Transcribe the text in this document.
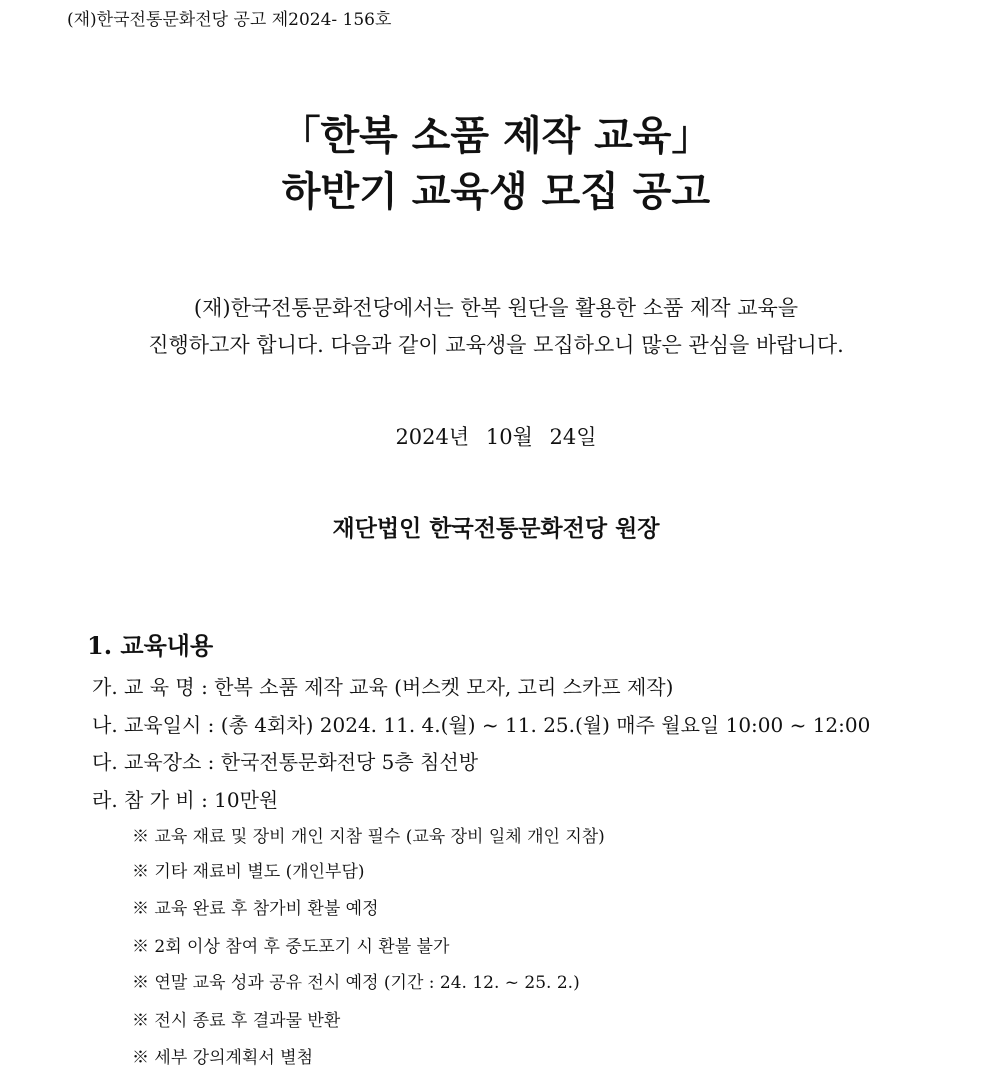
(재)한국전통문화전당 공고 제2024- 156호
「한복 소품 제작 교육」
하반기 교육생 모집 공고
(재)한국전통문화전당에서는 한복 원단을 활용한 소품 제작 교육을
진행하고자 합니다. 다음과 같이 교육생을 모집하오니 많은 관심을 바랍니다.
2024년 10월 24일
재단법인 한국전통문화전당 원장
1. 교육내용
가. 교 육 명 : 한복 소품 제작 교육 (버스켓 모자, 고리 스카프 제작)
나. 교육일시 : (총 4회차) 2024. 11. 4.(월) ~ 11. 25.(월) 매주 월요일 10:00 ~ 12:00
다. 교육장소 : 한국전통문화전당 5층 침선방
라. 참 가 비 : 10만원
※ 교육 재료 및 장비 개인 지참 필수 (교육 장비 일체 개인 지참)
※ 기타 재료비 별도 (개인부담)
※ 교육 완료 후 참가비 환불 예정
※ 2회 이상 참여 후 중도포기 시 환불 불가
※ 연말 교육 성과 공유 전시 예정 (기간 : 24. 12. ~ 25. 2.)
※ 전시 종료 후 결과물 반환
※ 세부 강의계획서 별첨
